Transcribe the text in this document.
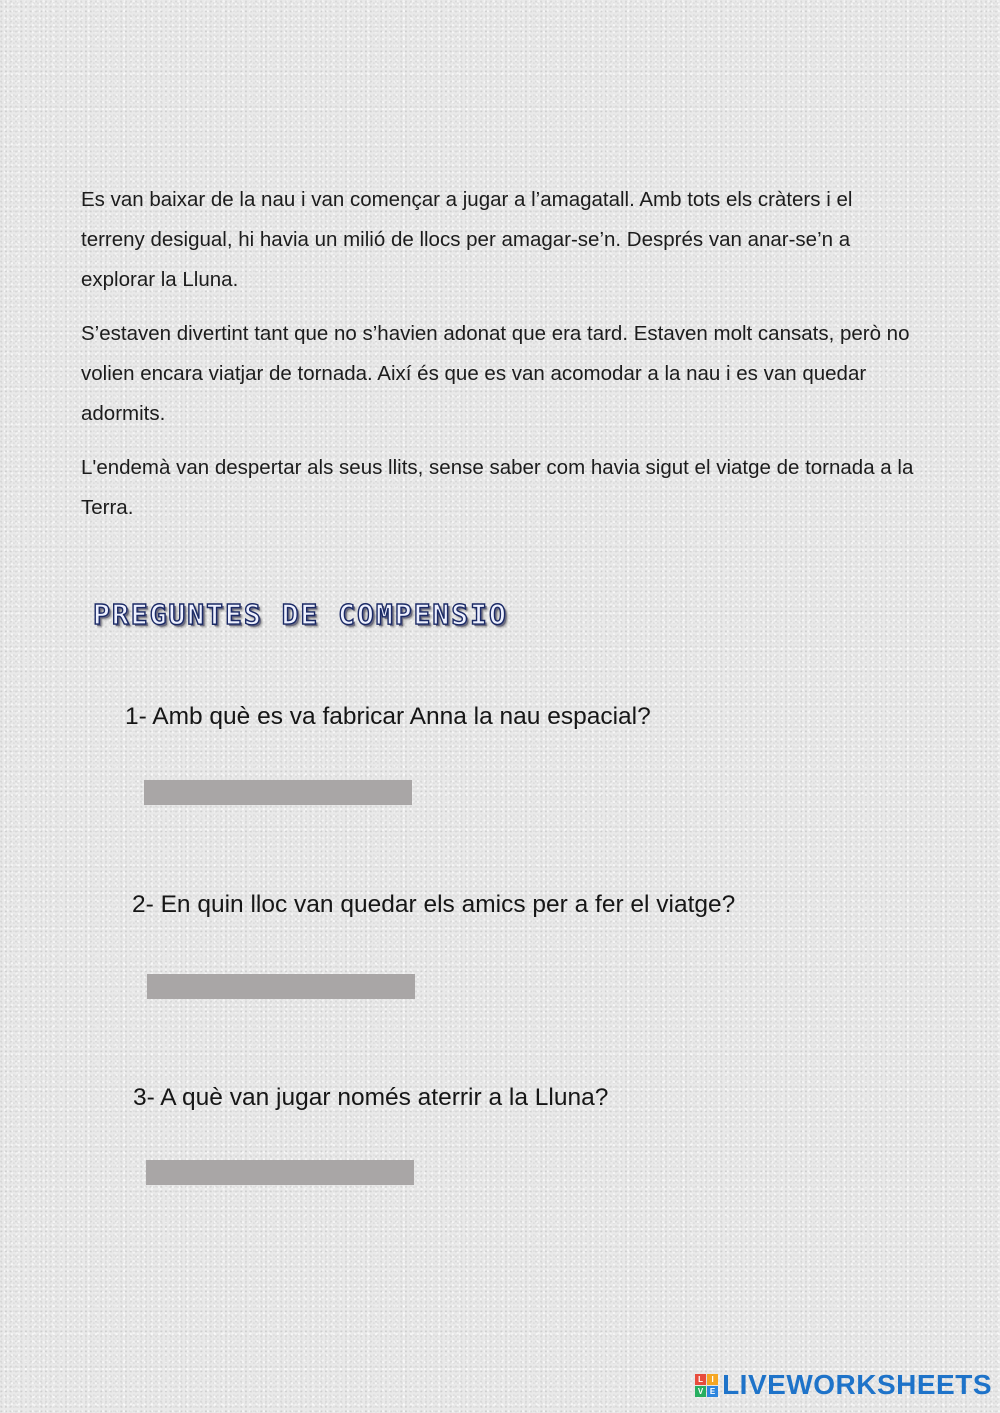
Es van baixar de la nau i van començar a jugar a l’amagatall. Amb tots els cràters i el terreny desigual, hi havia un milió de llocs per amagar-se’n. Després van anar-se’n a explorar la Lluna.

S’estaven divertint tant que no s’havien adonat que era tard. Estaven molt cansats, però no volien encara viatjar de tornada. Així és que es van acomodar a la nau i es van quedar adormits.

L'endemà van despertar als seus llits, sense saber com havia sigut el viatge de tornada a la Terra.

PREGUNTES DE COMPENSIO
1- Amb què es va fabricar Anna la nau espacial?
2- En quin lloc van quedar els amics per a fer el viatge?
3- A què van jugar només aterrir a la Lluna?
L	I
V E LIVEWORKSHEETS
